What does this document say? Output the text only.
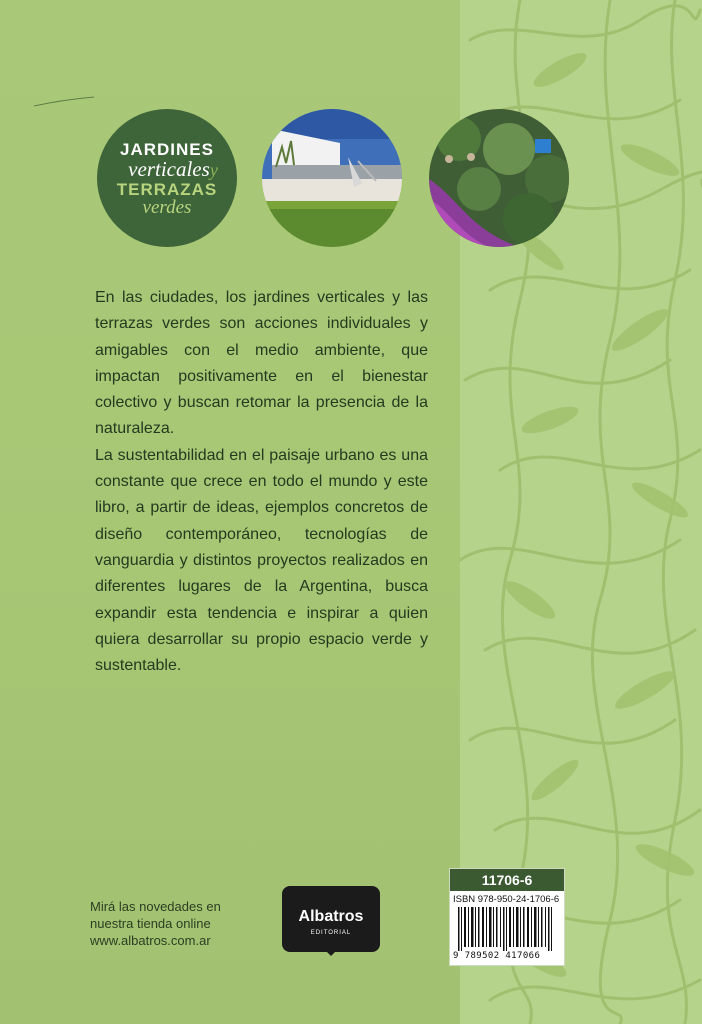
JARDINES
verticalesy
TERRAZAS
verdes

En las ciudades, los jardines verticales y las terrazas verdes son acciones individuales y amigables con el medio ambiente, que impactan positivamente en el bienestar colectivo y buscan retomar la presencia de la naturaleza.

La sustentabilidad en el paisaje urbano es una constante que crece en todo el mundo y este libro, a partir de ideas, ejemplos concretos de diseño contemporáneo, tecnologías de vanguardia y distintos proyectos realizados en diferentes lugares de la Argentina, busca expandir esta tendencia e inspirar a quien quiera desarrollar su propio espacio verde y sustentable.

Mirá las novedades en
nuestra tienda online
www.albatros.com.ar
Albatros
EDITORIAL
11706-6
ISBN 978-950-24-1706-6
9 789502 417066
